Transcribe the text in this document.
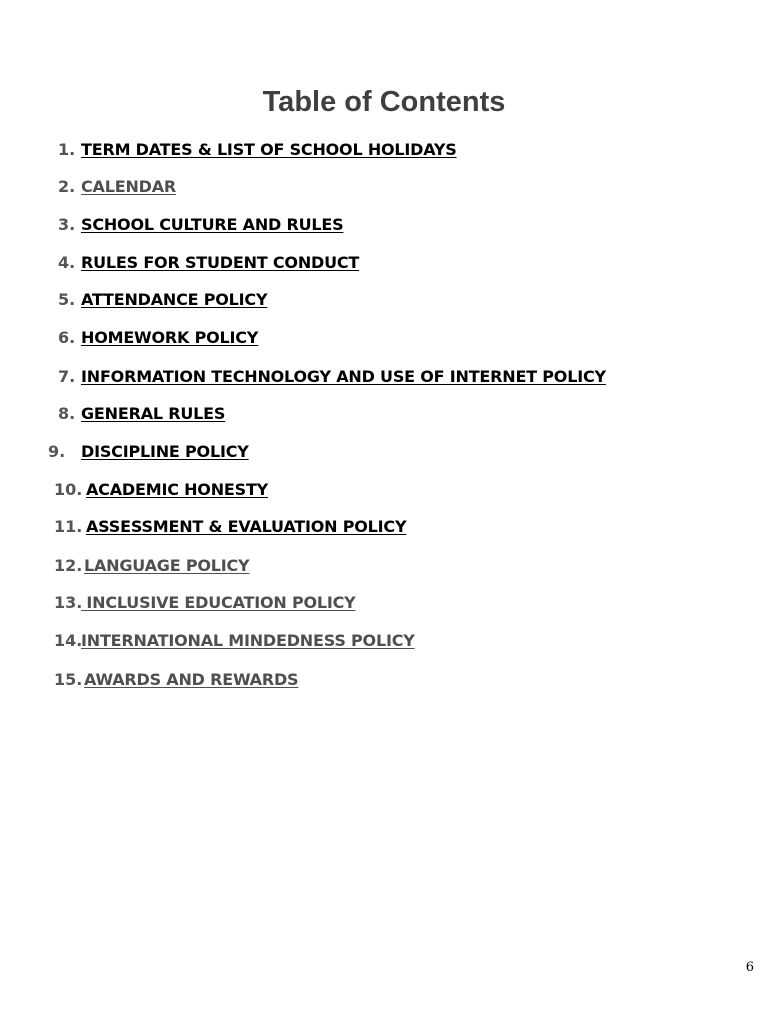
Table of Contents
1. TERM DATES & LIST OF SCHOOL HOLIDAYS
2. CALENDAR
3. SCHOOL CULTURE AND RULES
4. RULES FOR STUDENT CONDUCT
5. ATTENDANCE POLICY
6. HOMEWORK POLICY
7. INFORMATION TECHNOLOGY AND USE OF INTERNET POLICY
8. GENERAL RULES
9. DISCIPLINE POLICY
10. ACADEMIC HONESTY
11. ASSESSMENT & EVALUATION POLICY
12. LANGUAGE POLICY
13.
INCLUSIVE EDUCATION POLICY
14.
INTERNATIONAL MINDEDNESS POLICY
15. AWARDS AND REWARDS
6
